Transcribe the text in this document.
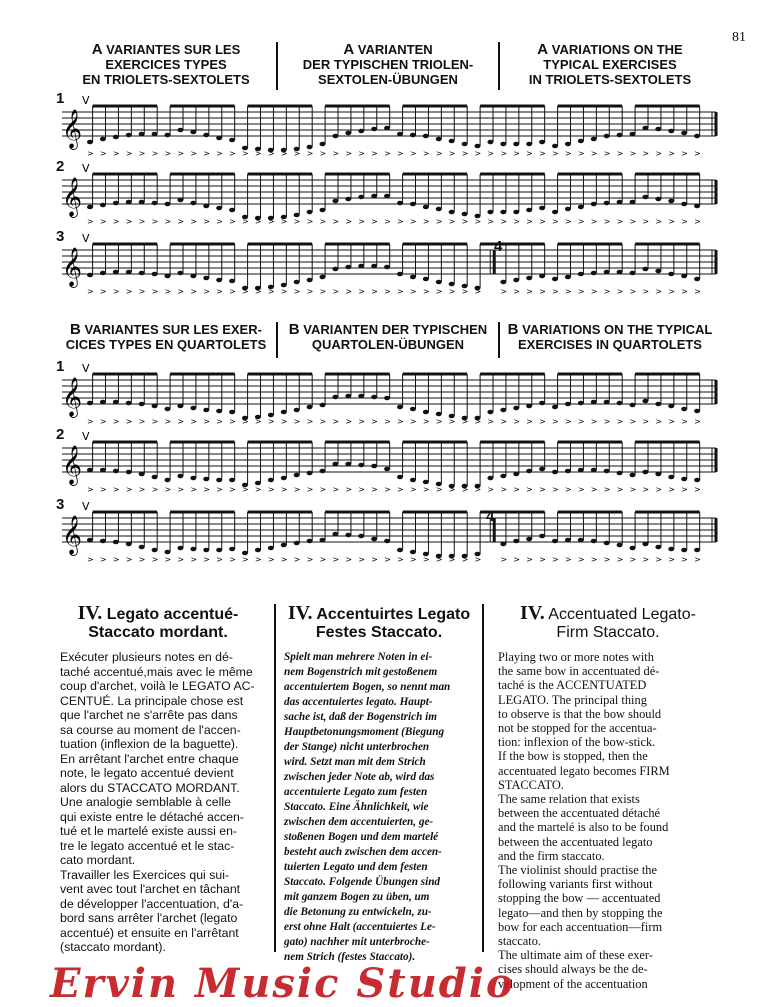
81
A VARIANTES SUR LES
EXERCICES TYPES
EN TRIOLETS-SEXTOLETS
A VARIANTEN
DER TYPISCHEN TRIOLEN-
SEXTOLEN-ÜBUNGEN
A VARIATIONS ON THE
TYPICAL EXERCISES
IN TRIOLETS-SEXTOLETS
1
𝄞
V
> > > > > > > > > > > > > > > > > > > > > > > > > > > > > > > > > > > > > > > > > > > > > > > >
2
𝄞
V
> > > > > > > > > > > > > > > > > > > > > > > > > > > > > > > > > > > > > > > > > > > > > > > >
3
4
𝄞
V
> > > > > > > > > > > > > > > > > > > > > > > > > > > > > > > > > > > > > > > > > > > > > > >
B VARIANTES SUR LES EXER-
CICES TYPES EN QUARTOLETS
B VARIANTEN DER TYPISCHEN
QUARTOLEN-ÜBUNGEN
B VARIATIONS ON THE TYPICAL
EXERCISES IN QUARTOLETS
1
𝄞
V
> > > > > > > > > > > > > > > > > > > > > > > > > > > > > > > > > > > > > > > > > > > > > > > >
2
𝄞
V
> > > > > > > > > > > > > > > > > > > > > > > > > > > > > > > > > > > > > > > > > > > > > > > >
3
4
𝄞
V
> > > > > > > > > > > > > > > > > > > > > > > > > > > > > > > > > > > > > > > > > > > > > > >
IV. Legato accentué-
Staccato mordant.

Exécuter plusieurs notes en dé-
taché accentué,mais avec le même
coup d'archet, voilà le LEGATO AC-
CENTUÉ. La principale chose est
que l'archet ne s'arrête pas dans
sa course au moment de l'accen-
tuation (inflexion de la baguette).
En arrêtant l'archet entre chaque
note, le legato accentué devient
alors du STACCATO MORDANT.
Une analogie semblable à celle
qui existe entre le détaché accen-
tué et le martelé existe aussi en-
tre le legato accentué et le stac-
cato mordant.
Travailler les Exercices qui sui-
vent avec tout l'archet en tâchant
de développer l'accentuation, d'a-
bord sans arrêter l'archet (legato
accentué) et ensuite en l'arrêtant
(staccato mordant).

IV. Accentuirtes Legato
Festes Staccato.

Spielt man mehrere Noten in ei-
nem Bogenstrich mit gestoßenem
accentuiertem Bogen, so nennt man
das accentuiertes legato. Haupt-
sache ist, daß der Bogenstrich im
Hauptbetonungsmoment (Biegung
der Stange) nicht unterbrochen
wird. Setzt man mit dem Strich
zwischen jeder Note ab, wird das
accentuierte Legato zum festen
Staccato. Eine Ähnlichkeit, wie
zwischen dem accentuierten, ge-
stoßenen Bogen und dem martelé
besteht auch zwischen dem accen-
tuierten Legato und dem festen
Staccato. Folgende Übungen sind
mit ganzem Bogen zu üben, um
die Betonung zu entwickeln, zu-
erst ohne Halt (accentuiertes Le-
gato) nachher mit unterbroche-
nem Strich (festes Staccato).

IV. Accentuated Legato-
Firm Staccato.

Playing two or more notes with
the same bow in accentuated dé-
taché is the ACCENTUATED
LEGATO. The principal thing
to observe is that the bow should
not be stopped for the accentua-
tion: inflexion of the bow-stick.
If the bow is stopped, then the
accentuated legato becomes FIRM
STACCATO.
The same relation that exists
between the accentuated détaché
and the martelé is also to be found
between the accentuated legato
and the firm staccato.
The violinist should practise the
following variants first without
stopping the bow — accentuated
legato—and then by stopping the
bow for each accentuation—firm
staccato.
The ultimate aim of these exer-
cises should always be the de-
velopment of the accentuation

Ervin Music Studio
